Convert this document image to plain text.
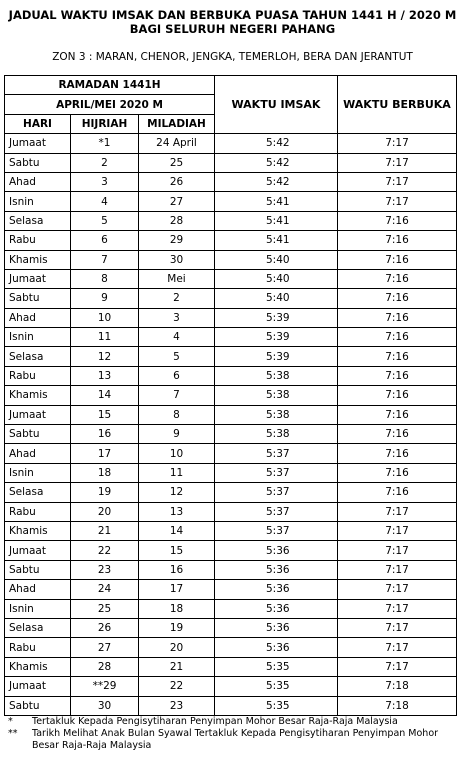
JADUAL WAKTU IMSAK DAN BERBUKA PUASA TAHUN 1441 H / 2020 M
BAGI SELURUH NEGERI PAHANG
ZON 3 : MARAN, CHENOR, JENGKA, TEMERLOH, BERA DAN JERANTUT
RAMADAN 1441H			WAKTU IMSAK	WAKTU BERBUKA
APRIL/MEI 2020 M				
HARI	HIJRIAH	MILADIAH		
Jumaat	*1	24 April	5:42	7:17
Sabtu	2	25	5:42	7:17
Ahad	3	26	5:42	7:17
Isnin	4	27	5:41	7:17
Selasa	5	28	5:41	7:16
Rabu	6	29	5:41	7:16
Khamis	7	30	5:40	7:16
Jumaat	8	Mei	5:40	7:16
Sabtu	9	2	5:40	7:16
Ahad	10	3	5:39	7:16
Isnin	11	4	5:39	7:16
Selasa	12	5	5:39	7:16
Rabu	13	6	5:38	7:16
Khamis	14	7	5:38	7:16
Jumaat	15	8	5:38	7:16
Sabtu	16	9	5:38	7:16
Ahad	17	10	5:37	7:16
Isnin	18	11	5:37	7:16
Selasa	19	12	5:37	7:16
Rabu	20	13	5:37	7:17
Khamis	21	14	5:37	7:17
Jumaat	22	15	5:36	7:17
Sabtu	23	16	5:36	7:17
Ahad	24	17	5:36	7:17
Isnin	25	18	5:36	7:17
Selasa	26	19	5:36	7:17
Rabu	27	20	5:36	7:17
Khamis	28	21	5:35	7:17
Jumaat	**29	22	5:35	7:18
Sabtu	30	23	5:35	7:18
*	Tertakluk Kepada Pengisytiharan Penyimpan Mohor Besar Raja-Raja Malaysia
**	Tarikh Melihat Anak Bulan Syawal Tertakluk Kepada Pengisytiharan Penyimpan Mohor Besar Raja-Raja Malaysia
